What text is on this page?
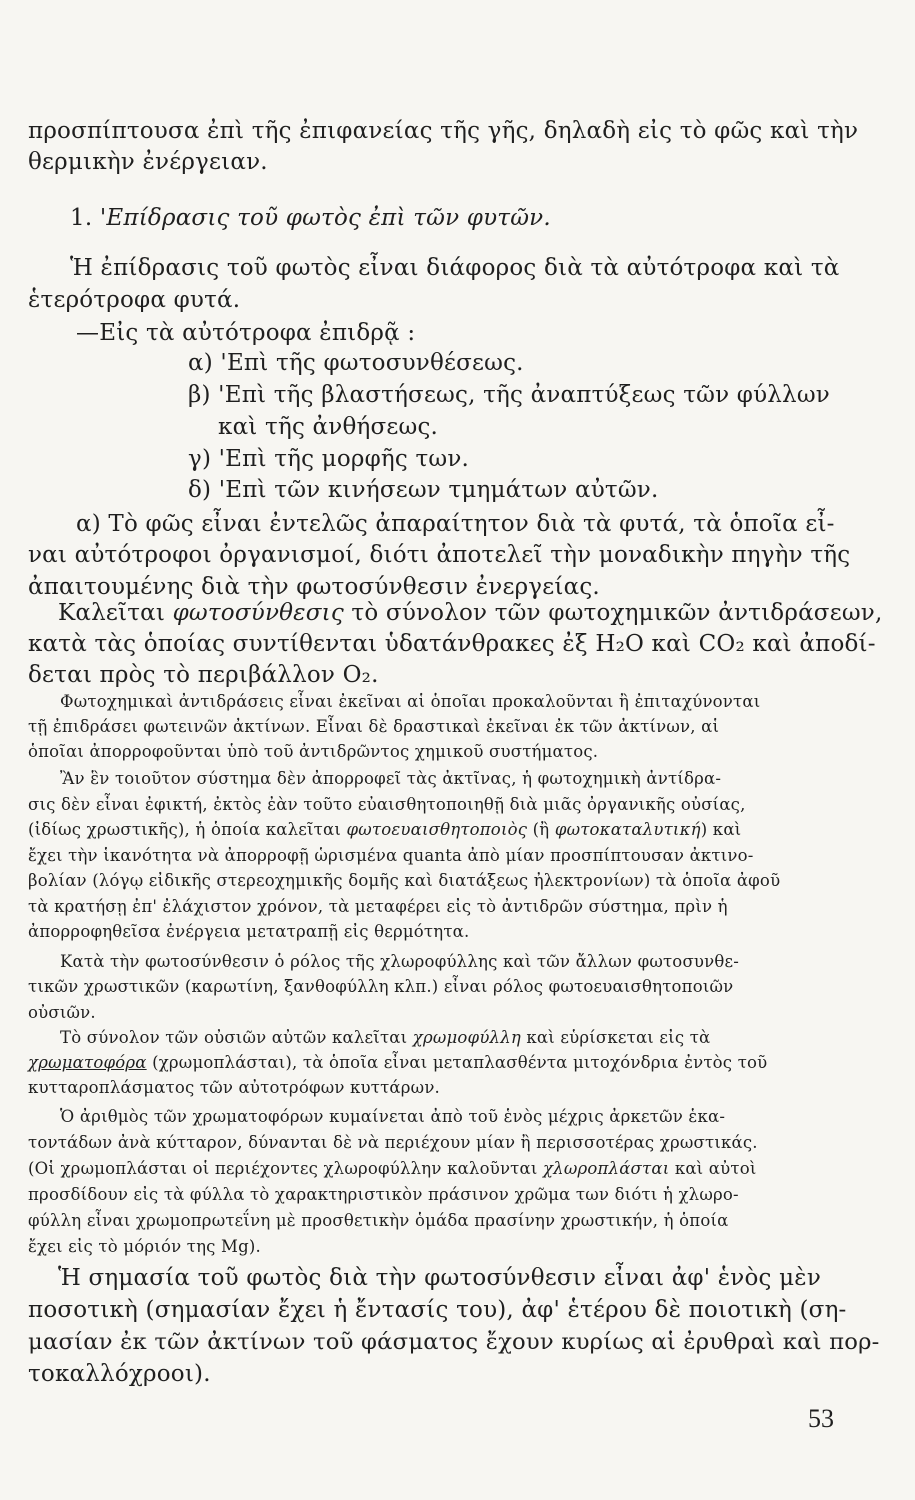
προσπίπτουσα ἐπὶ τῆς ἐπιφανείας τῆς γῆς, δηλαδὴ εἰς τὸ φῶς καὶ τὴν
θερμικὴν ἐνέργειαν.
1. 'Επίδρασις τοῦ φωτὸς ἐπὶ τῶν φυτῶν.
Ἡ ἐπίδρασις τοῦ φωτὸς εἶναι διάφορος διὰ τὰ αὐτότροφα καὶ τὰ
ἑτερότροφα φυτά.
—Εἰς τὰ αὐτότροφα ἐπιδρᾷ :
α) 'Επὶ τῆς φωτοσυνθέσεως.
β) 'Επὶ τῆς βλαστήσεως, τῆς ἀναπτύξεως τῶν φύλλων
καὶ τῆς ἀνθήσεως.
γ) 'Επὶ τῆς μορφῆς των.
δ) 'Επὶ τῶν κινήσεων τμημάτων αὐτῶν.
α) Τὸ φῶς εἶναι ἐντελῶς ἀπαραίτητον διὰ τὰ φυτά, τὰ ὁποῖα εἶ-
ναι αὐτότροφοι ὀργανισμοί, διότι ἀποτελεῖ τὴν μοναδικὴν πηγὴν τῆς
ἀπαιτουμένης διὰ τὴν φωτοσύνθεσιν ἐνεργείας.
Καλεῖται φωτοσύνθεσις τὸ σύνολον τῶν φωτοχημικῶν ἀντιδράσεων,
κατὰ τὰς ὁποίας συντίθενται ὑδατάνθρακες ἐξ H₂O καὶ CO₂ καὶ ἀποδί-
δεται πρὸς τὸ περιβάλλον O₂.
Φωτοχημικαὶ ἀντιδράσεις εἶναι ἐκεῖναι αἱ ὁποῖαι προκαλοῦνται ἢ ἐπιταχύνονται
τῇ ἐπιδράσει φωτεινῶν ἀκτίνων. Εἶναι δὲ δραστικαὶ ἐκεῖναι ἐκ τῶν ἀκτίνων, αἱ
ὁποῖαι ἀπορροφοῦνται ὑπὸ τοῦ ἀντιδρῶντος χημικοῦ συστήματος.
Ἂν ἓν τοιοῦτον σύστημα δὲν ἀπορροφεῖ τὰς ἀκτῖνας, ἡ φωτοχημικὴ ἀντίδρα-
σις δὲν εἶναι ἐφικτή, ἐκτὸς ἐὰν τοῦτο εὐαισθητοποιηθῇ διὰ μιᾶς ὀργανικῆς οὐσίας,
(ἰδίως χρωστικῆς), ἡ ὁποία καλεῖται φωτοευαισθητοποιὸς (ἢ φωτοκαταλυτική) καὶ
ἔχει τὴν ἱκανότητα νὰ ἀπορροφῇ ὡρισμένα quanta ἀπὸ μίαν προσπίπτουσαν ἀκτινο-
βολίαν (λόγῳ εἰδικῆς στερεοχημικῆς δομῆς καὶ διατάξεως ἠλεκτρονίων) τὰ ὁποῖα ἀφοῦ
τὰ κρατήσῃ ἐπ' ἐλάχιστον χρόνον, τὰ μεταφέρει εἰς τὸ ἀντιδρῶν σύστημα, πρὶν ἡ
ἀπορροφηθεῖσα ἐνέργεια μετατραπῇ εἰς θερμότητα.
Κατὰ τὴν φωτοσύνθεσιν ὁ ρόλος τῆς χλωροφύλλης καὶ τῶν ἄλλων φωτοσυνθε-
τικῶν χρωστικῶν (καρωτίνη, ξανθοφύλλη κλπ.) εἶναι ρόλος φωτοευαισθητοποιῶν
οὐσιῶν.
Τὸ σύνολον τῶν οὐσιῶν αὐτῶν καλεῖται χρωμοφύλλη καὶ εὑρίσκεται εἰς τὰ
χρωματοφόρα (χρωμοπλάσται), τὰ ὁποῖα εἶναι μεταπλασθέντα μιτοχόνδρια ἐντὸς τοῦ
κυτταροπλάσματος τῶν αὐτοτρόφων κυττάρων.
Ὁ ἀριθμὸς τῶν χρωματοφόρων κυμαίνεται ἀπὸ τοῦ ἑνὸς μέχρις ἀρκετῶν ἑκα-
τοντάδων ἀνὰ κύτταρον, δύνανται δὲ νὰ περιέχουν μίαν ἢ περισσοτέρας χρωστικάς.
(Οἱ χρωμοπλάσται οἱ περιέχοντες χλωροφύλλην καλοῦνται χλωροπλάσται καὶ αὐτοὶ
προσδίδουν εἰς τὰ φύλλα τὸ χαρακτηριστικὸν πράσινον χρῶμα των διότι ἡ χλωρο-
φύλλη εἶναι χρωμοπρωτεΐνη μὲ προσθετικὴν ὁμάδα πρασίνην χρωστικήν, ἡ ὁποία
ἔχει εἰς τὸ μόριόν της Mg).
Ἡ σημασία τοῦ φωτὸς διὰ τὴν φωτοσύνθεσιν εἶναι ἀφ' ἑνὸς μὲν
ποσοτικὴ (σημασίαν ἔχει ἡ ἔντασίς του), ἀφ' ἑτέρου δὲ ποιοτικὴ (ση-
μασίαν ἐκ τῶν ἀκτίνων τοῦ φάσματος ἔχουν κυρίως αἱ ἐρυθραὶ καὶ πορ-
τοκαλλόχροοι).
53
